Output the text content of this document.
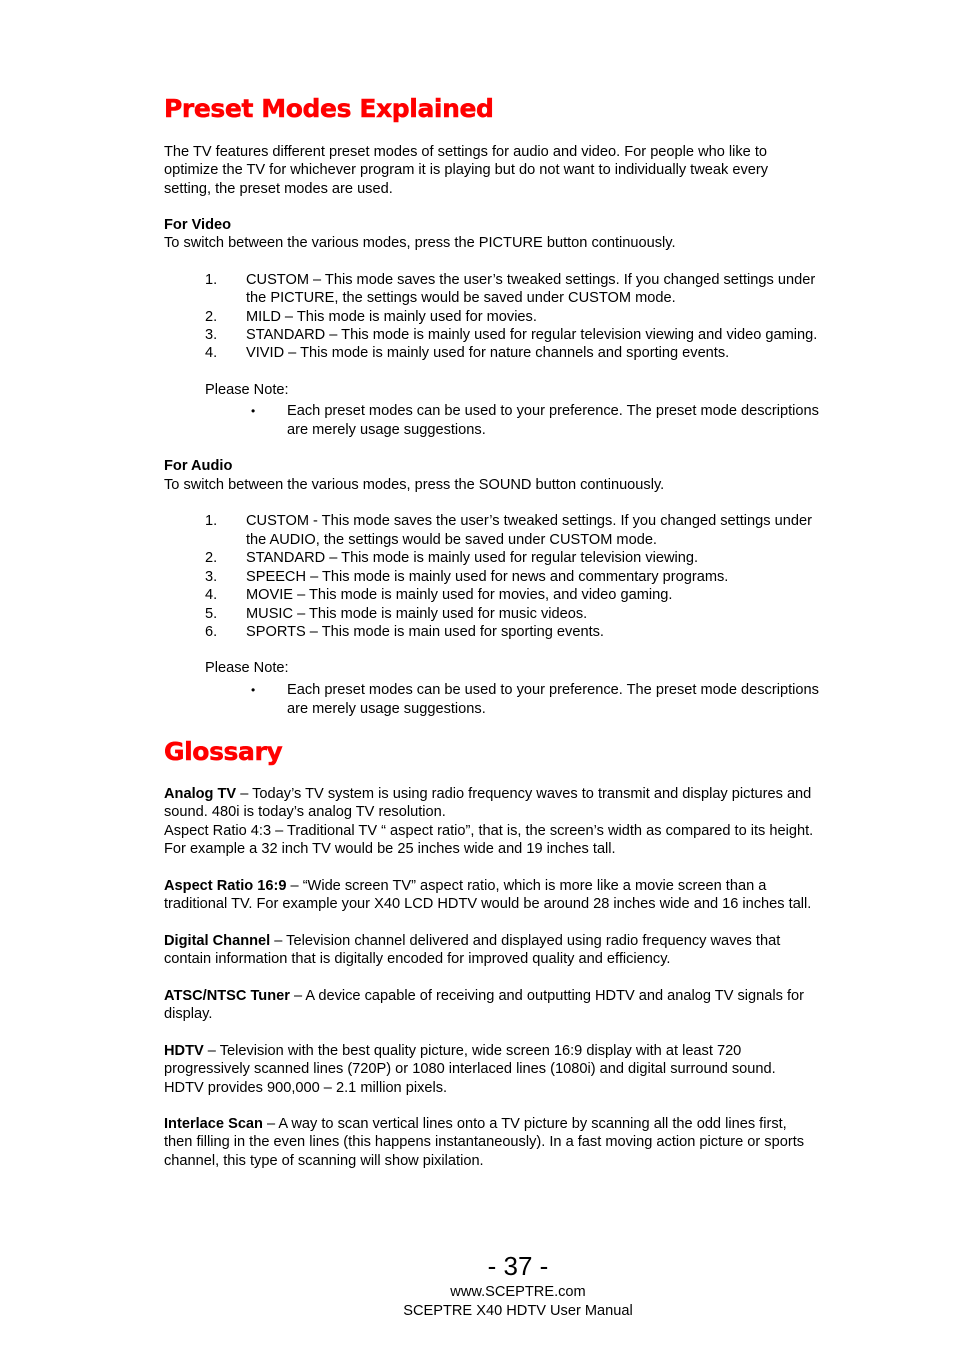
Preset Modes Explained
The TV features different preset modes of settings for audio and video. For people who like to
optimize the TV for whichever program it is playing but do not want to individually tweak every
setting, the preset modes are used.
For Video
To switch between the various modes, press the PICTURE button continuously.
1. CUSTOM – This mode saves the user’s tweaked settings. If you changed settings under
the PICTURE, the settings would be saved under CUSTOM mode.
2. MILD – This mode is mainly used for movies.
3. STANDARD – This mode is mainly used for regular television viewing and video gaming.
4. VIVID – This mode is mainly used for nature channels and sporting events.
Please Note:
• Each preset modes can be used to your preference. The preset mode descriptions
are merely usage suggestions.
For Audio
To switch between the various modes, press the SOUND button continuously.
1. CUSTOM - This mode saves the user’s tweaked settings. If you changed settings under
the AUDIO, the settings would be saved under CUSTOM mode.
2. STANDARD – This mode is mainly used for regular television viewing.
3. SPEECH – This mode is mainly used for news and commentary programs.
4. MOVIE – This mode is mainly used for movies, and video gaming.
5. MUSIC – This mode is mainly used for music videos.
6. SPORTS – This mode is main used for sporting events.
Please Note:
• Each preset modes can be used to your preference. The preset mode descriptions
are merely usage suggestions.
Glossary
Analog TV – Today’s TV system is using radio frequency waves to transmit and display pictures and
sound. 480i is today’s analog TV resolution.
Aspect Ratio 4:3 – Traditional TV “ aspect ratio”, that is, the screen’s width as compared to its height.
For example a 32 inch TV would be 25 inches wide and 19 inches tall.
Aspect Ratio 16:9 – “Wide screen TV” aspect ratio, which is more like a movie screen than a
traditional TV. For example your X40 LCD HDTV would be around 28 inches wide and 16 inches tall.
Digital Channel – Television channel delivered and displayed using radio frequency waves that
contain information that is digitally encoded for improved quality and efficiency.
ATSC/NTSC Tuner – A device capable of receiving and outputting HDTV and analog TV signals for
display.
HDTV – Television with the best quality picture, wide screen 16:9 display with at least 720
progressively scanned lines (720P) or 1080 interlaced lines (1080i) and digital surround sound.
HDTV provides 900,000 – 2.1 million pixels.
Interlace Scan – A way to scan vertical lines onto a TV picture by scanning all the odd lines first,
then filling in the even lines (this happens instantaneously). In a fast moving action picture or sports
channel, this type of scanning will show pixilation.
- 37 -
www.SCEPTRE.com
SCEPTRE X40 HDTV User Manual
